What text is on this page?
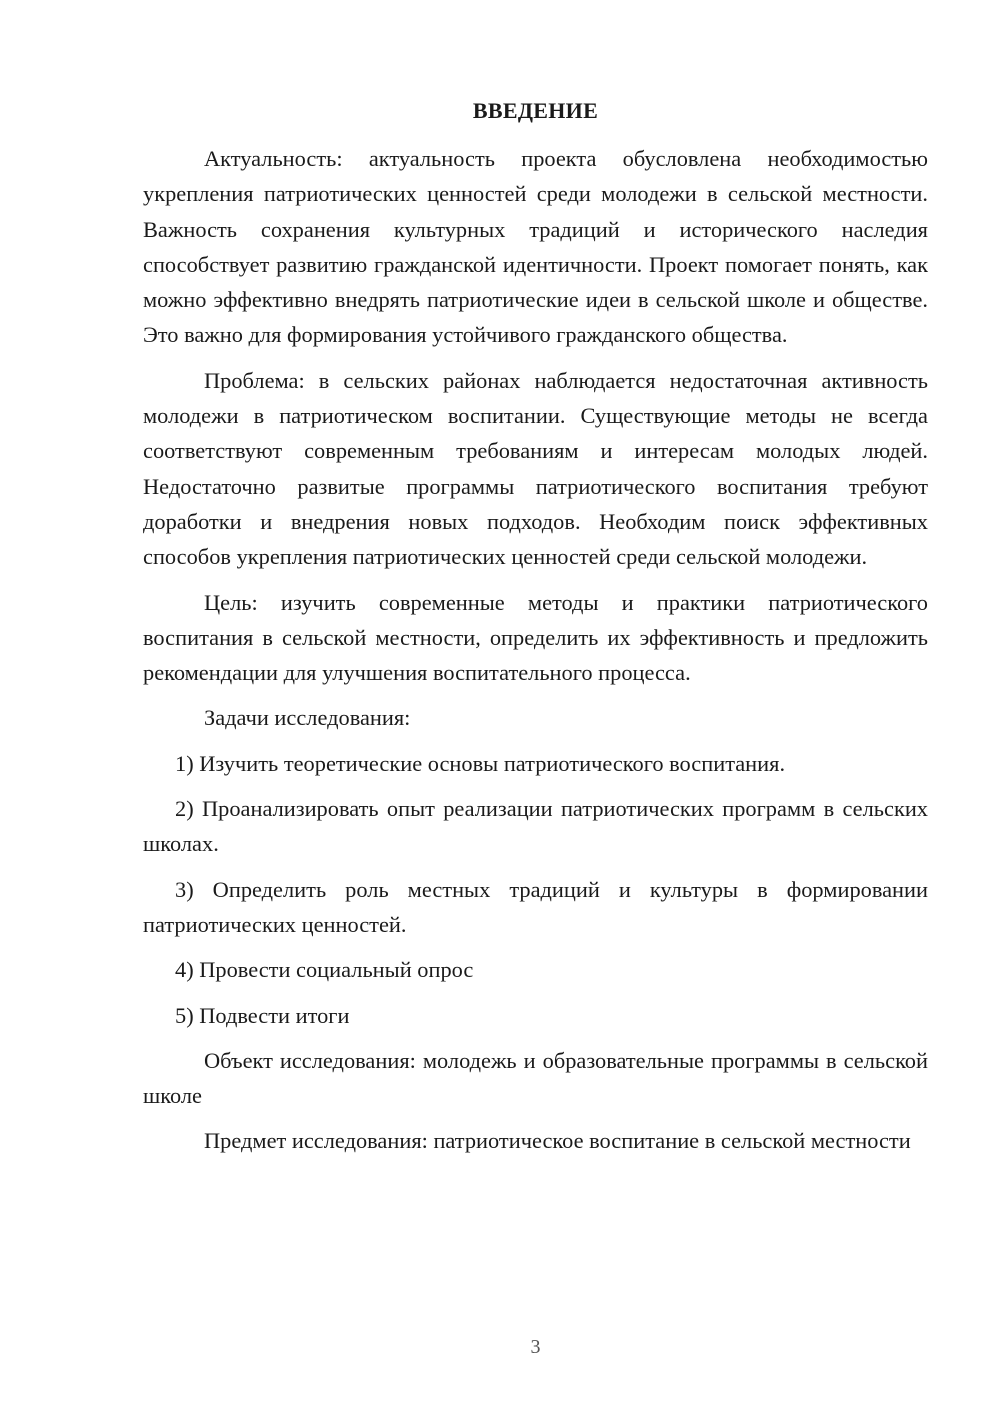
ВВЕДЕНИЕ

Актуальность: актуальность проекта обусловлена необходимостью укрепления патриотических ценностей среди молодежи в сельской местности. Важность сохранения культурных традиций и исторического наследия способствует развитию гражданской идентичности. Проект помогает понять, как можно эффективно внедрять патриотические идеи в сельской школе и обществе. Это важно для формирования устойчивого гражданского общества.

Проблема: в сельских районах наблюдается недостаточная активность молодежи в патриотическом воспитании. Существующие методы не всегда соответствуют современным требованиям и интересам молодых людей. Недостаточно развитые программы патриотического воспитания требуют доработки и внедрения новых подходов. Необходим поиск эффективных способов укрепления патриотических ценностей среди сельской молодежи.

Цель: изучить современные методы и практики патриотического воспитания в сельской местности, определить их эффективность и предложить рекомендации для улучшения воспитательного процесса.

Задачи исследования:

1) Изучить теоретические основы патриотического воспитания.

2) Проанализировать опыт реализации патриотических программ в сельских школах.

3) Определить роль местных традиций и культуры в формировании патриотических ценностей.

4) Провести социальный опрос

5) Подвести итоги

Объект исследования: молодежь и образовательные программы в сельской школе

Предмет исследования: патриотическое воспитание в сельской местности

3
